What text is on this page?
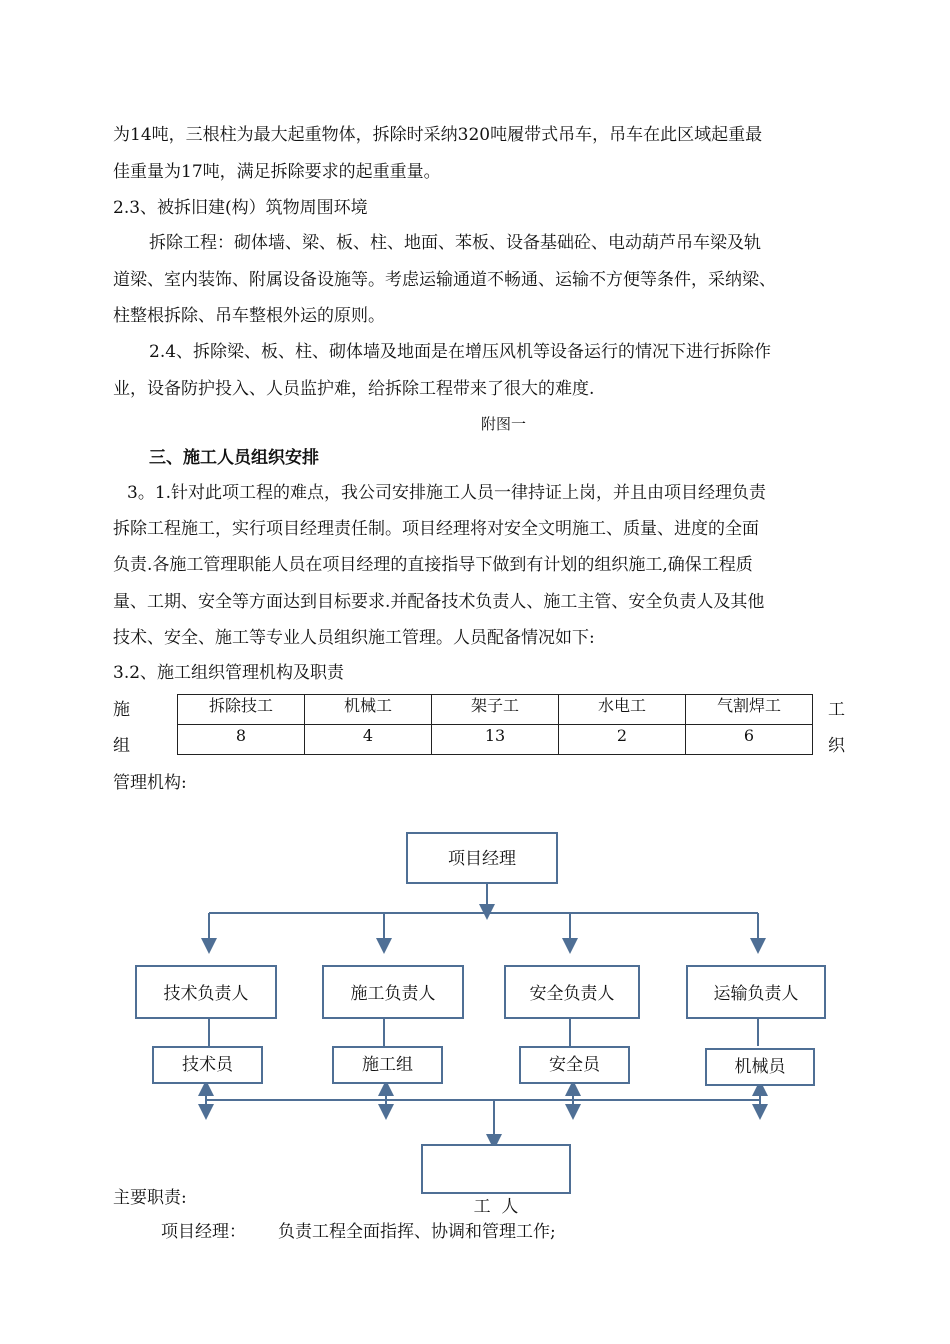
为14吨，三根柱为最大起重物体，拆除时采纳320吨履带式吊车，吊车在此区域起重最
佳重量为17吨，满足拆除要求的起重重量。
2.3、被拆旧建(构）筑物周围环境
拆除工程：砌体墙、梁、板、柱、地面、苯板、设备基础砼、电动葫芦吊车梁及轨
道梁、室内装饰、附属设备设施等。考虑运输通道不畅通、运输不方便等条件，采纳梁、
柱整根拆除、吊车整根外运的原则。
2.4、拆除梁、板、柱、砌体墙及地面是在增压风机等设备运行的情况下进行拆除作
业，设备防护投入、人员监护难，给拆除工程带来了很大的难度.
附图一
三、施工人员组织安排
3。1.针对此项工程的难点，我公司安排施工人员一律持证上岗，并且由项目经理负责
拆除工程施工，实行项目经理责任制。项目经理将对安全文明施工、质量、进度的全面
负责.各施工管理职能人员在项目经理的直接指导下做到有计划的组织施工,确保工程质
量、工期、安全等方面达到目标要求.并配备技术负责人、施工主管、安全负责人及其他
技术、安全、施工等专业人员组织施工管理。人员配备情况如下:
3.2、施工组织管理机构及职责
施
组
工
织
拆除技工	机械工	架子工	水电工	气割焊工
8	4	13	2	6
管理机构:
项目经理
技术负责人	施工负责人	安全负责人	运输负责人
技术员	施工组	安全员	机械员

工  人

主要职责:
项目经理： 负责工程全面指挥、协调和管理工作;
